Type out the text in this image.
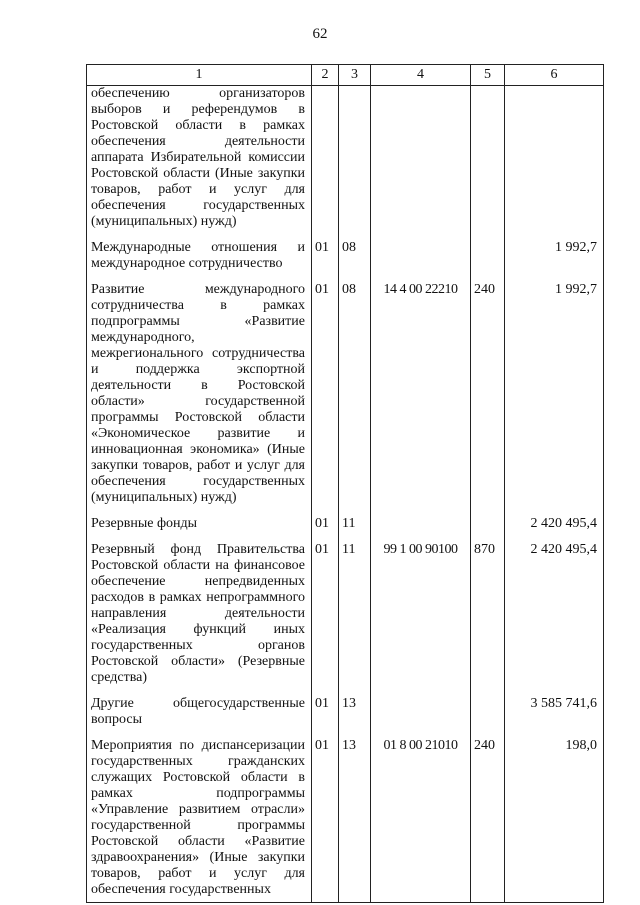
62
1	2	3	4	5	6
обеспечению организаторов выборов и референдумов в Ростовской области в рамках обеспечения деятельности аппарата Избирательной комиссии Ростовской области (Иные закупки товаров, работ и услуг для обеспечения государственных (муниципальных) нужд)					
Международные отношения и международное сотрудничество	01	08			1 992,7
Развитие международного сотрудничества в рамках подпрограммы «Развитие международного, межрегионального сотрудничества и поддержка экспортной деятельности в Ростовской области» государственной программы Ростовской области «Экономическое развитие и инновационная экономика» (Иные закупки товаров, работ и услуг для обеспечения государственных (муниципальных) нужд)	01	08	14 4 00 22210	240	1 992,7
Резервные фонды	01	11			2 420 495,4
Резервный фонд Правительства Ростовской области на финансовое обеспечение непредвиденных расходов в рамках непрограммного направления деятельности «Реализация функций иных государственных органов Ростовской области» (Резервные средства)	01	11	99 1 00 90100	870	2 420 495,4
Другие общегосударственные вопросы	01	13			3 585 741,6
Мероприятия по диспансеризации государственных гражданских служащих Ростовской области в рамках подпрограммы «Управление развитием отрасли» государственной программы Ростовской области «Развитие здравоохранения» (Иные закупки товаров, работ и услуг для обеспечения государственных	01	13	01 8 00 21010	240	198,0
